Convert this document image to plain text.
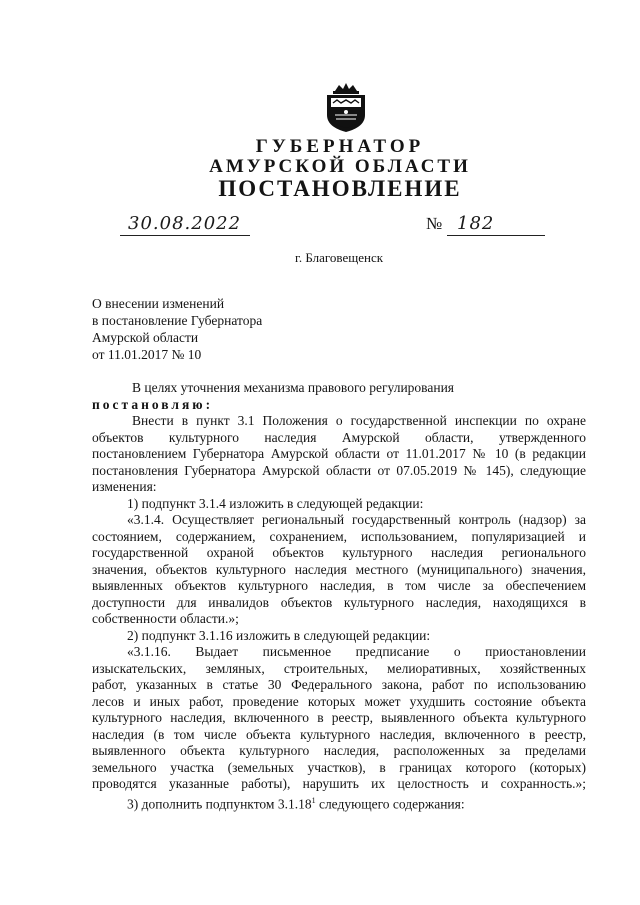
ГУБЕРНАТОР
АМУРСКОЙ ОБЛАСТИ
ПОСТАНОВЛЕНИЕ
30.08.2022	№ 182
г. Благовещенск
О внесении изменений
в постановление Губернатора
Амурской области
от 11.01.2017 № 10
В целях уточнения механизма правового регулирования
постановляю:
Внести в пункт 3.1 Положения о государственной инспекции по охране
объектов культурного наследия Амурской области, утвержденного
постановлением Губернатора Амурской области от 11.01.2017 № 10 (в редакции
постановления Губернатора Амурской области от 07.05.2019 № 145), следующие
изменения:
1) подпункт 3.1.4 изложить в следующей редакции:
«3.1.4. Осуществляет региональный государственный контроль (надзор) за
состоянием, содержанием, сохранением, использованием, популяризацией и
государственной охраной объектов культурного наследия регионального
значения, объектов культурного наследия местного (муниципального) значения,
выявленных объектов культурного наследия, в том числе за обеспечением
доступности для инвалидов объектов культурного наследия, находящихся в
собственности области.»;
2) подпункт 3.1.16 изложить в следующей редакции:
«3.1.16. Выдает письменное предписание о приостановлении
изыскательских, земляных, строительных, мелиоративных, хозяйственных
работ, указанных в статье 30 Федерального закона, работ по использованию
лесов и иных работ, проведение которых может ухудшить состояние объекта
культурного наследия, включенного в реестр, выявленного объекта культурного
наследия (в том числе объекта культурного наследия, включенного в реестр,
выявленного объекта культурного наследия, расположенных за пределами
земельного участка (земельных участков), в границах которого (которых)
проводятся указанные работы), нарушить их целостность и сохранность.»;
3) дополнить подпунктом 3.1.18$^1$ следующего содержания:
